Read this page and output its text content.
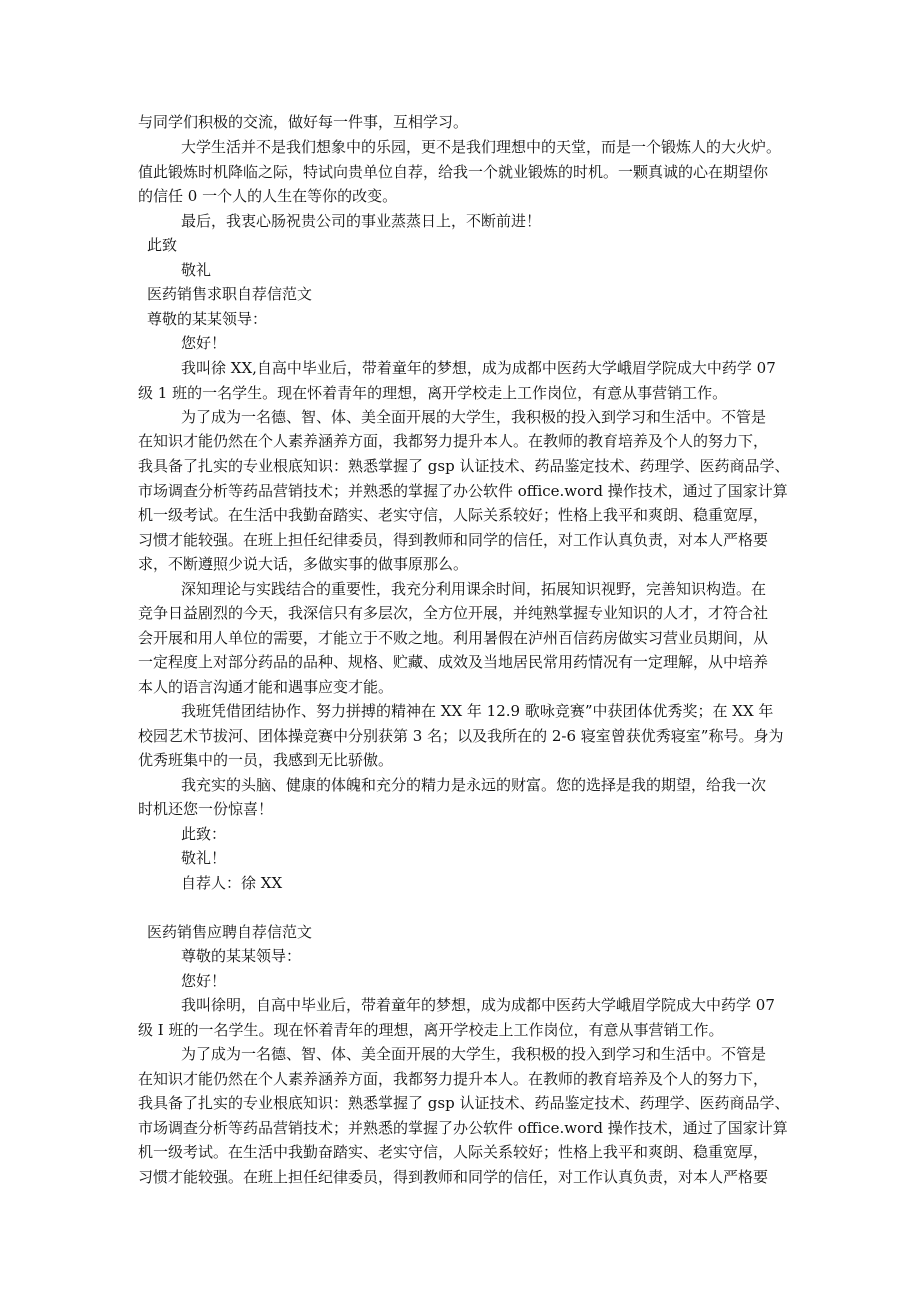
与同学们积极的交流，做好每一件事，互相学习。
大学生活并不是我们想象中的乐园，更不是我们理想中的天堂，而是一个锻炼人的大火炉。
值此锻炼时机降临之际，特试向贵单位自荐，给我一个就业锻炼的时机。一颗真诚的心在期望你
的信任 0 一个人的人生在等你的改变。
最后，我衷心肠祝贵公司的事业蒸蒸日上，不断前进！
此致
敬礼
医药销售求职自荐信范文
尊敬的某某领导：
您好！
我叫徐 XX,自高中毕业后，带着童年的梦想，成为成都中医药大学峨眉学院成大中药学 07
级 1 班的一名学生。现在怀着青年的理想，离开学校走上工作岗位，有意从事营销工作。
为了成为一名德、智、体、美全面开展的大学生，我积极的投入到学习和生活中。不管是
在知识才能仍然在个人素养涵养方面，我都努力提升本人。在教师的教育培养及个人的努力下，
我具备了扎实的专业根底知识：熟悉掌握了 gsp 认证技术、药品鉴定技术、药理学、医药商品学、
市场调查分析等药品营销技术；并熟悉的掌握了办公软件 office.word 操作技术，通过了国家计算
机一级考试。在生活中我勤奋踏实、老实守信，人际关系较好；性格上我平和爽朗、稳重宽厚，
习惯才能较强。在班上担任纪律委员，得到教师和同学的信任，对工作认真负责，对本人严格要
求，不断遵照少说大话，多做实事的做事原那么。
深知理论与实践结合的重要性，我充分利用课余时间，拓展知识视野，完善知识构造。在
竞争日益剧烈的今天，我深信只有多层次，全方位开展，并纯熟掌握专业知识的人才，才符合社
会开展和用人单位的需要，才能立于不败之地。利用暑假在泸州百信药房做实习营业员期间，从
一定程度上对部分药品的品种、规格、贮藏、成效及当地居民常用药情况有一定理解，从中培养
本人的语言沟通才能和遇事应变才能。
我班凭借团结协作、努力拼搏的精神在 XX 年 12.9 歌咏竞赛”中获团体优秀奖；在 XX 年
校园艺术节拔河、团体操竞赛中分别获第 3 名；以及我所在的 2-6 寝室曾获优秀寝室”称号。身为
优秀班集中的一员，我感到无比骄傲。
我充实的头脑、健康的体魄和充分的精力是永远的财富。您的选择是我的期望，给我一次
时机还您一份惊喜！
此致：
敬礼！
自荐人：徐 XX
医药销售应聘自荐信范文
尊敬的某某领导：
您好！
我叫徐明，自高中毕业后，带着童年的梦想，成为成都中医药大学峨眉学院成大中药学 07
级 I 班的一名学生。现在怀着青年的理想，离开学校走上工作岗位，有意从事营销工作。
为了成为一名德、智、体、美全面开展的大学生，我积极的投入到学习和生活中。不管是
在知识才能仍然在个人素养涵养方面，我都努力提升本人。在教师的教育培养及个人的努力下，
我具备了扎实的专业根底知识：熟悉掌握了 gsp 认证技术、药品鉴定技术、药理学、医药商品学、
市场调查分析等药品营销技术；并熟悉的掌握了办公软件 office.word 操作技术，通过了国家计算
机一级考试。在生活中我勤奋踏实、老实守信，人际关系较好；性格上我平和爽朗、稳重宽厚，
习惯才能较强。在班上担任纪律委员，得到教师和同学的信任，对工作认真负责，对本人严格要
